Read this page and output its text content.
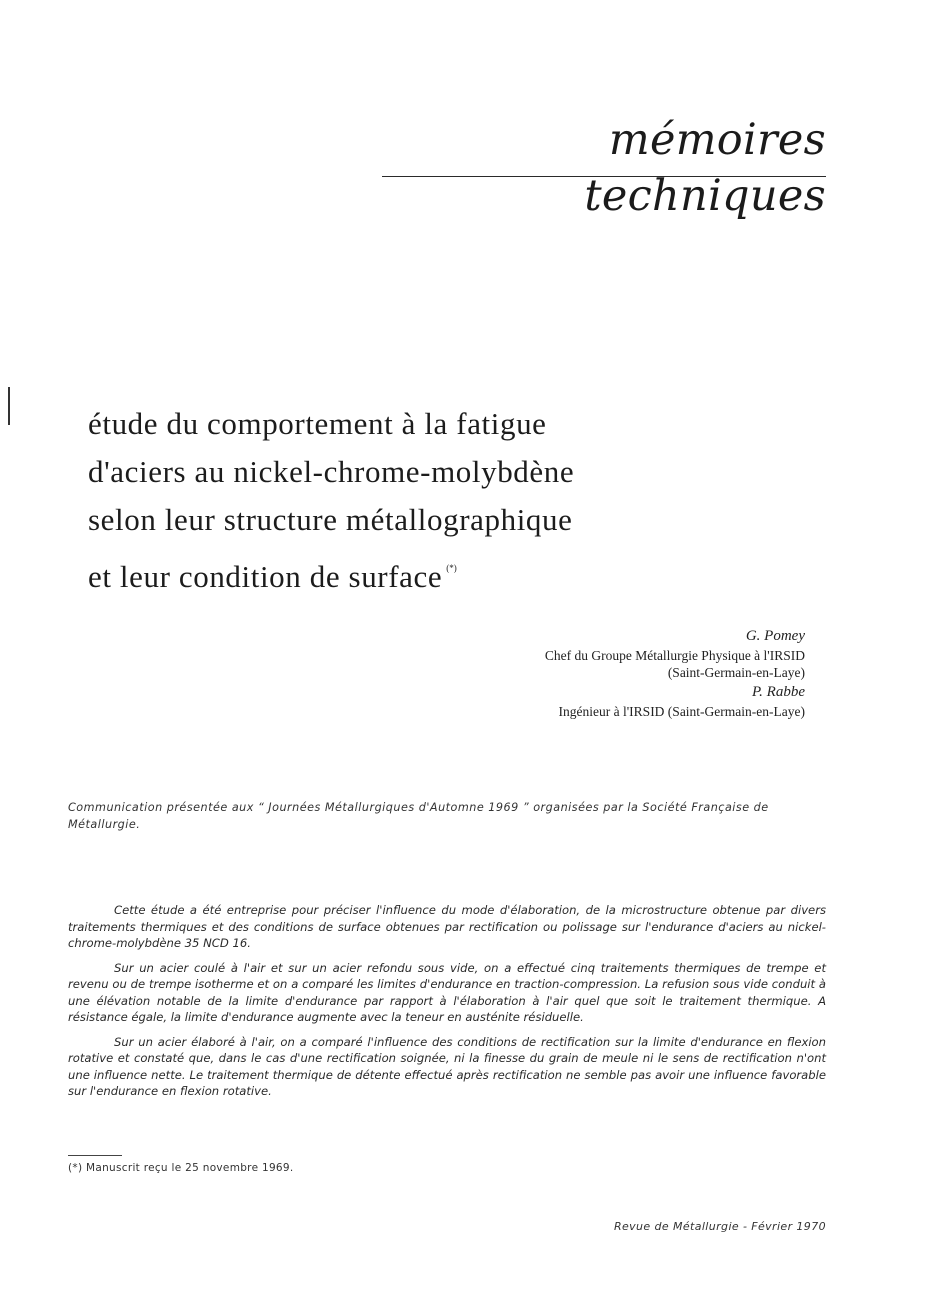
mémoires techniques
étude du comportement à la fatigue
d'aciers au nickel-chrome-molybdène
selon leur structure métallographique
et leur condition de surface (*)
G. Pomey
Chef du Groupe Métallurgie Physique à l'IRSID
(Saint-Germain-en-Laye)
P. Rabbe
Ingénieur à l'IRSID (Saint-Germain-en-Laye)
Communication présentée aux “ Journées Métallurgiques d'Automne 1969 ” organisées par la Société Française de Métallurgie.

Cette étude a été entreprise pour préciser l'influence du mode d'élaboration, de la microstructure obtenue par divers traitements thermiques et des conditions de surface obtenues par rectification ou polissage sur l'endurance d'aciers au nickel-chrome-molybdène 35 NCD 16.

Sur un acier coulé à l'air et sur un acier refondu sous vide, on a effectué cinq traitements thermiques de trempe et revenu ou de trempe isotherme et on a comparé les limites d'endurance en traction-compression. La refusion sous vide conduit à une élévation notable de la limite d'endurance par rapport à l'élaboration à l'air quel que soit le traitement thermique. A résistance égale, la limite d'endurance augmente avec la teneur en austénite résiduelle.

Sur un acier élaboré à l'air, on a comparé l'influence des conditions de rectification sur la limite d'endurance en flexion rotative et constaté que, dans le cas d'une rectification soignée, ni la finesse du grain de meule ni le sens de rectification n'ont une influence nette. Le traitement thermique de détente effectué après rectification ne semble pas avoir une influence favorable sur l'endurance en flexion rotative.

(*) Manuscrit reçu le 25 novembre 1969.
Revue de Métallurgie - Février 1970
